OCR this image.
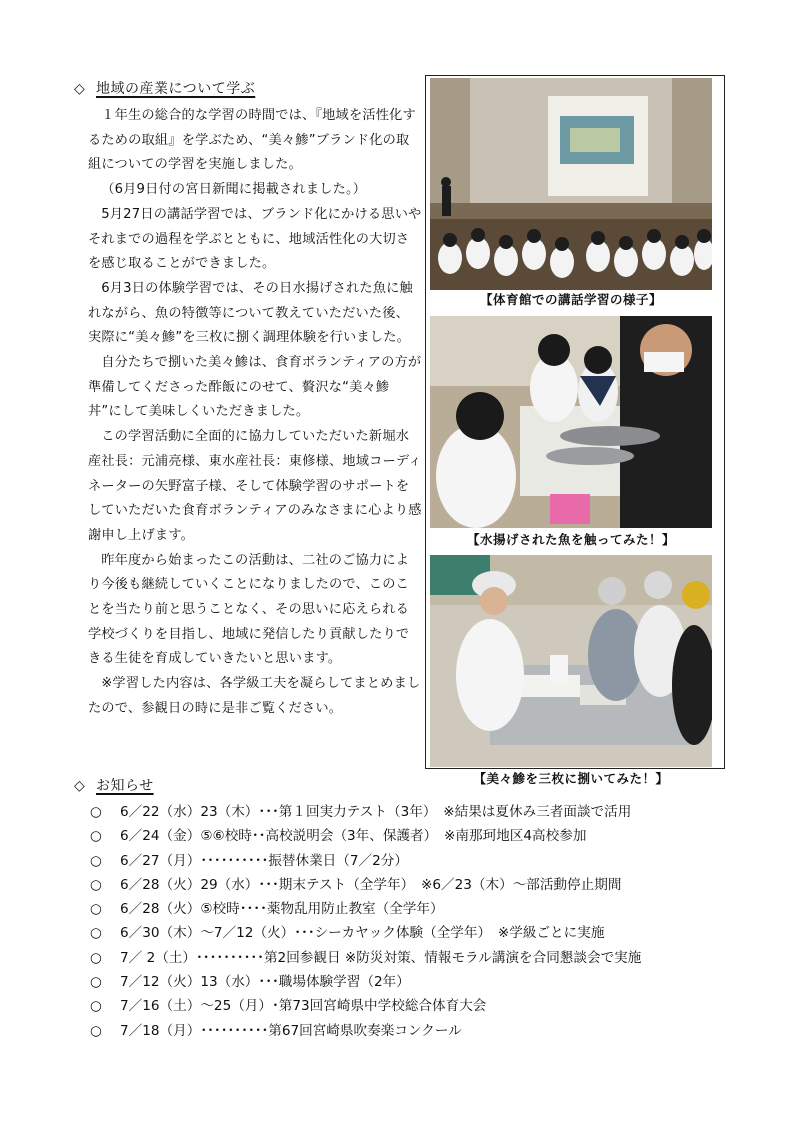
◇ 地域の産業について学ぶ

１年生の総合的な学習の時間では、『地域を活性化するための取組』を学ぶため、“美々鯵”ブランド化の取組についての学習を実施しました。

（6月9日付の宮日新聞に掲載されました。）

5月27日の講話学習では、ブランド化にかける思いやそれまでの過程を学ぶとともに、地域活性化の大切さを感じ取ることができました。

6月3日の体験学習では、その日水揚げされた魚に触れながら、魚の特徴等について教えていただいた後、実際に“美々鯵”を三枚に捌く調理体験を行いました。

自分たちで捌いた美々鯵は、食育ボランティアの方が準備してくださった酢飯にのせて、贅沢な“美々鯵丼”にして美味しくいただきました。

この学習活動に全面的に協力していただいた新堀水産社長：元浦亮様、東水産社長：東修様、地域コーディネーターの矢野富子様、そして体験学習のサポートをしていただいた食育ボランティアのみなさまに心より感謝申し上げます。

昨年度から始まったこの活動は、二社のご協力により今後も継続していくことになりましたので、このことを当たり前と思うことなく、その思いに応えられる学校づくりを目指し、地域に発信したり貢献したりできる生徒を育成していきたいと思います。

※学習した内容は、各学級工夫を凝らしてまとめましたので、参観日の時に是非ご覧ください。

【体育館での講話学習の様子】
【水揚げされた魚を触ってみた！】
【美々鯵を三枚に捌いてみた！】
◇ お知らせ
○ 6／22（水）23（木）･･･第１回実力テスト（3年）　※結果は夏休み三者面談で活用
○ 6／24（金）⑤⑥校時･･高校説明会（3年、保護者）　※南那珂地区4高校参加
○ 6／27（月）･･････････振替休業日（7／2分）
○ 6／28（火）29（水）･･･期末テスト（全学年）　※6／23（木）～部活動停止期間
○ 6／28（火）⑤校時････薬物乱用防止教室（全学年）
○ 6／30（木）～7／12（火）･･･シーカヤック体験（全学年）　※学級ごとに実施
○ 7／ 2（土）･･････････第2回参観日 ※防災対策、情報モラル講演を合同懇談会で実施
○ 7／12（火）13（水）･･･職場体験学習（2年）
○ 7／16（土）～25（月）･第73回宮崎県中学校総合体育大会
○ 7／18（月）･･････････第67回宮崎県吹奏楽コンクール
